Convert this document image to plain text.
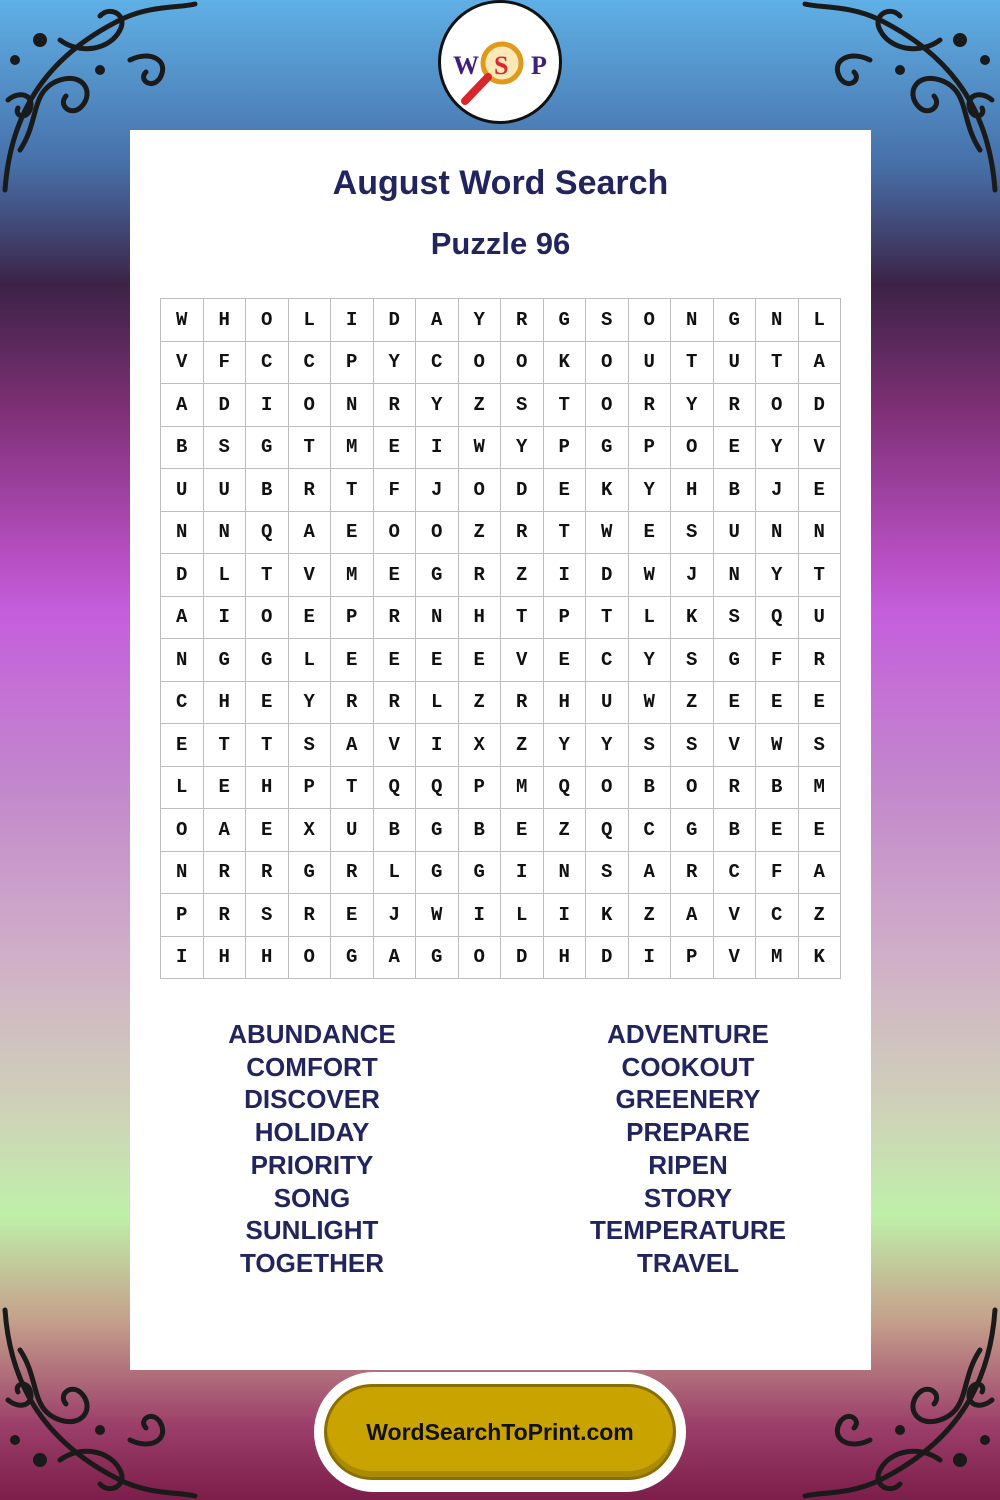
W S P
August Word Search
Puzzle 96
W	H	O	L	I	D	A	Y	R	G	S	O	N	G	N	L
V	F	C	C	P	Y	C	O	O	K	O	U	T	U	T	A
A	D	I	O	N	R	Y	Z	S	T	O	R	Y	R	O	D
B	S	G	T	M	E	I	W	Y	P	G	P	O	E	Y	V
U	U	B	R	T	F	J	O	D	E	K	Y	H	B	J	E
N	N	Q	A	E	O	O	Z	R	T	W	E	S	U	N	N
D	L	T	V	M	E	G	R	Z	I	D	W	J	N	Y	T
A	I	O	E	P	R	N	H	T	P	T	L	K	S	Q	U
N	G	G	L	E	E	E	E	V	E	C	Y	S	G	F	R
C	H	E	Y	R	R	L	Z	R	H	U	W	Z	E	E	E
E	T	T	S	A	V	I	X	Z	Y	Y	S	S	V	W	S
L	E	H	P	T	Q	Q	P	M	Q	O	B	O	R	B	M
O	A	E	X	U	B	G	B	E	Z	Q	C	G	B	E	E
N	R	R	G	R	L	G	G	I	N	S	A	R	C	F	A
P	R	S	R	E	J	W	I	L	I	K	Z	A	V	C	Z
I	H	H	O	G	A	G	O	D	H	D	I	P	V	M	K
ABUNDANCE
COMFORT
DISCOVER
HOLIDAY
PRIORITY
SONG
SUNLIGHT
TOGETHER
ADVENTURE
COOKOUT
GREENERY
PREPARE
RIPEN
STORY
TEMPERATURE
TRAVEL
WordSearchToPrint.com
